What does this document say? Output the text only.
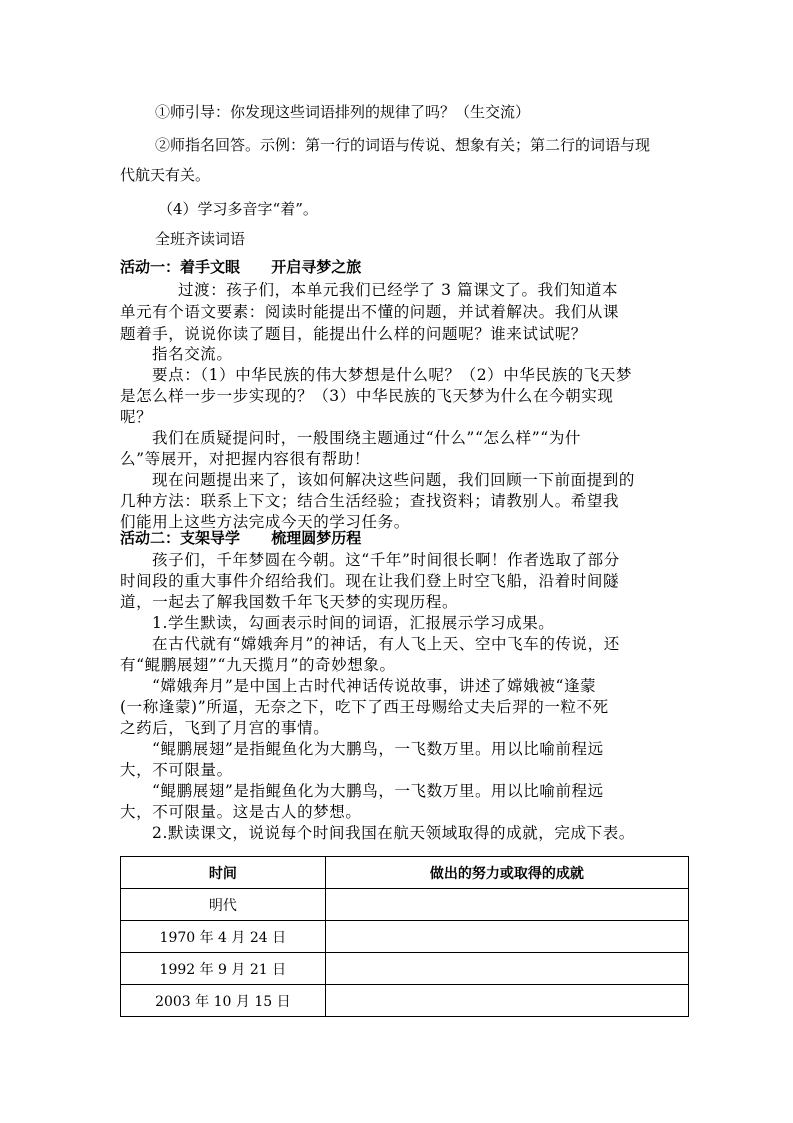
①师引导：你发现这些词语排列的规律了吗？（生交流）
②师指名回答。示例：第一行的词语与传说、想象有关；第二行的词语与现
代航天有关。
（4）学习多音字“着”。
全班齐读词语
活动一：着手文眼 开启寻梦之旅
过渡：孩子们，本单元我们已经学了 3 篇课文了。我们知道本
单元有个语文要素：阅读时能提出不懂的问题，并试着解决。我们从课
题着手，说说你读了题目，能提出什么样的问题呢？谁来试试呢？
指名交流。
要点：（1）中华民族的伟大梦想是什么呢？（2）中华民族的飞天梦
是怎么样一步一步实现的？（3）中华民族的飞天梦为什么在今朝实现
呢？
我们在质疑提问时，一般围绕主题通过“什么”“怎么样”“为什
么”等展开，对把握内容很有帮助！
现在问题提出来了，该如何解决这些问题，我们回顾一下前面提到的
几种方法：联系上下文；结合生活经验；查找资料；请教别人。希望我
们能用上这些方法完成今天的学习任务。
活动二：支架导学 梳理圆梦历程
孩子们，千年梦圆在今朝。这“千年”时间很长啊！作者选取了部分
时间段的重大事件介绍给我们。现在让我们登上时空飞船，沿着时间隧
道，一起去了解我国数千年飞天梦的实现历程。
1.学生默读，勾画表示时间的词语，汇报展示学习成果。
在古代就有“嫦娥奔月”的神话，有人飞上天、空中飞车的传说，还
有“鲲鹏展翅”“九天揽月”的奇妙想象。
“嫦娥奔月”是中国上古时代神话传说故事，讲述了嫦娥被“逢蒙
(一称逢蒙)”所逼，无奈之下，吃下了西王母赐给丈夫后羿的一粒不死
之药后，飞到了月宫的事情。
“鲲鹏展翅”是指鲲鱼化为大鹏鸟，一飞数万里。用以比喻前程远
大，不可限量。
“鲲鹏展翅”是指鲲鱼化为大鹏鸟，一飞数万里。用以比喻前程远
大，不可限量。这是古人的梦想。
2.默读课文，说说每个时间我国在航天领域取得的成就，完成下表。
时间	做出的努力或取得的成就
明代	
1970 年 4 月 24 日	
1992 年 9 月 21 日	
2003 年 10 月 15 日	
